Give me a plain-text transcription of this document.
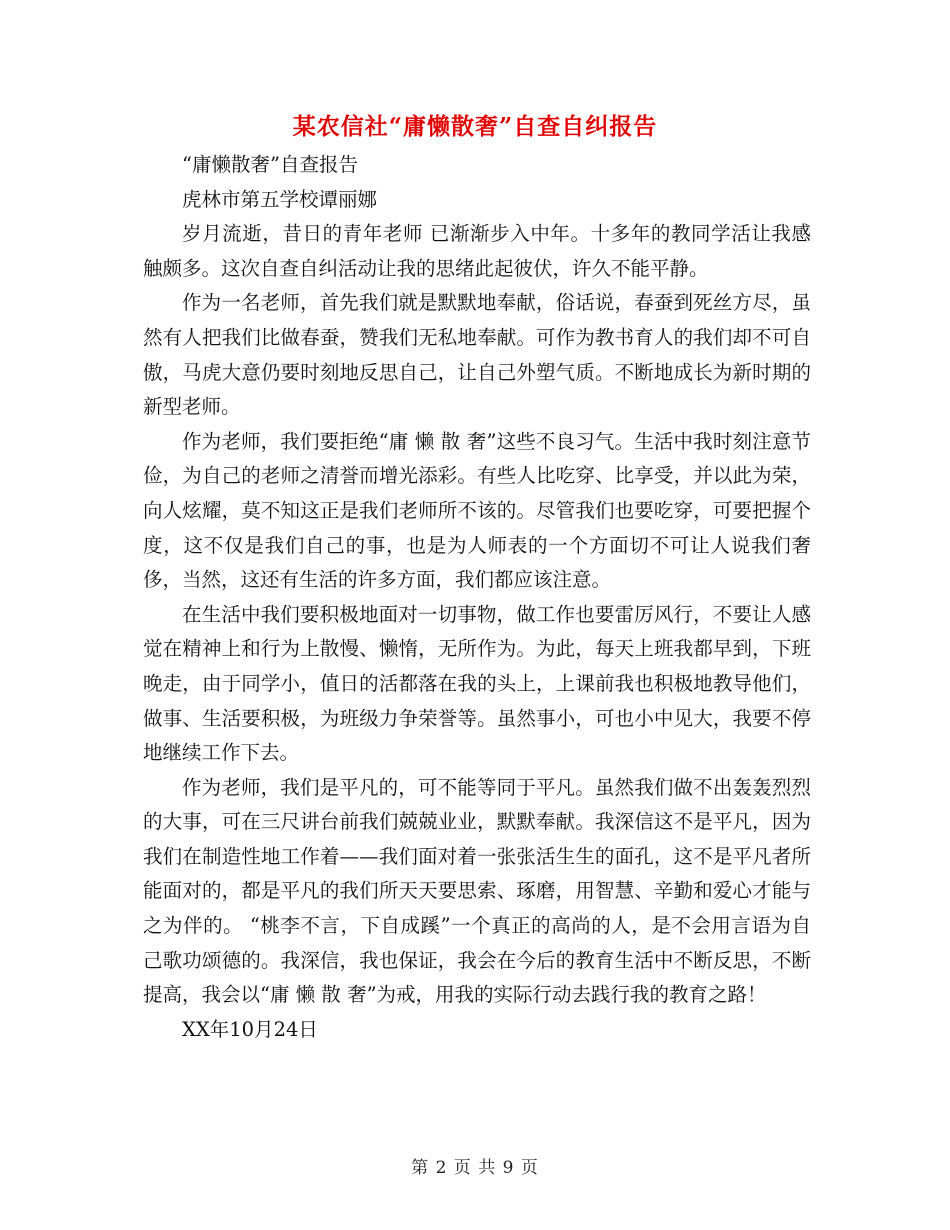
某农信社“庸懒散奢”自查自纠报告

“庸懒散奢”自查报告

虎林市第五学校谭丽娜

岁月流逝，昔日的青年老师 已渐渐步入中年。十多年的教同学活让我感触颇多。这次自查自纠活动让我的思绪此起彼伏，许久不能平静。

作为一名老师，首先我们就是默默地奉献，俗话说，春蚕到死丝方尽，虽然有人把我们比做春蚕，赞我们无私地奉献。可作为教书育人的我们却不可自傲，马虎大意仍要时刻地反思自己，让自己外塑气质。不断地成长为新时期的新型老师。

作为老师，我们要拒绝“庸 懒 散 奢”这些不良习气。生活中我时刻注意节俭，为自己的老师之清誉而增光添彩。有些人比吃穿、比享受，并以此为荣，向人炫耀，莫不知这正是我们老师所不该的。尽管我们也要吃穿，可要把握个度，这不仅是我们自己的事，也是为人师表的一个方面切不可让人说我们奢侈，当然，这还有生活的许多方面，我们都应该注意。

在生活中我们要积极地面对一切事物，做工作也要雷厉风行，不要让人感觉在精神上和行为上散慢、懒惰，无所作为。为此，每天上班我都早到，下班晚走，由于同学小，值日的活都落在我的头上，上课前我也积极地教导他们，做事、生活要积极，为班级力争荣誉等。虽然事小，可也小中见大，我要不停地继续工作下去。

作为老师，我们是平凡的，可不能等同于平凡。虽然我们做不出轰轰烈烈的大事，可在三尺讲台前我们兢兢业业，默默奉献。我深信这不是平凡，因为我们在制造性地工作着——我们面对着一张张活生生的面孔，这不是平凡者所能面对的，都是平凡的我们所天天要思索、琢磨，用智慧、辛勤和爱心才能与之为伴的。 “桃李不言，下自成蹊”一个真正的高尚的人，是不会用言语为自己歌功颂德的。我深信，我也保证，我会在今后的教育生活中不断反思，不断提高，我会以“庸 懒 散 奢”为戒，用我的实际行动去践行我的教育之路！

XX年10月24日

第 2 页 共 9 页
